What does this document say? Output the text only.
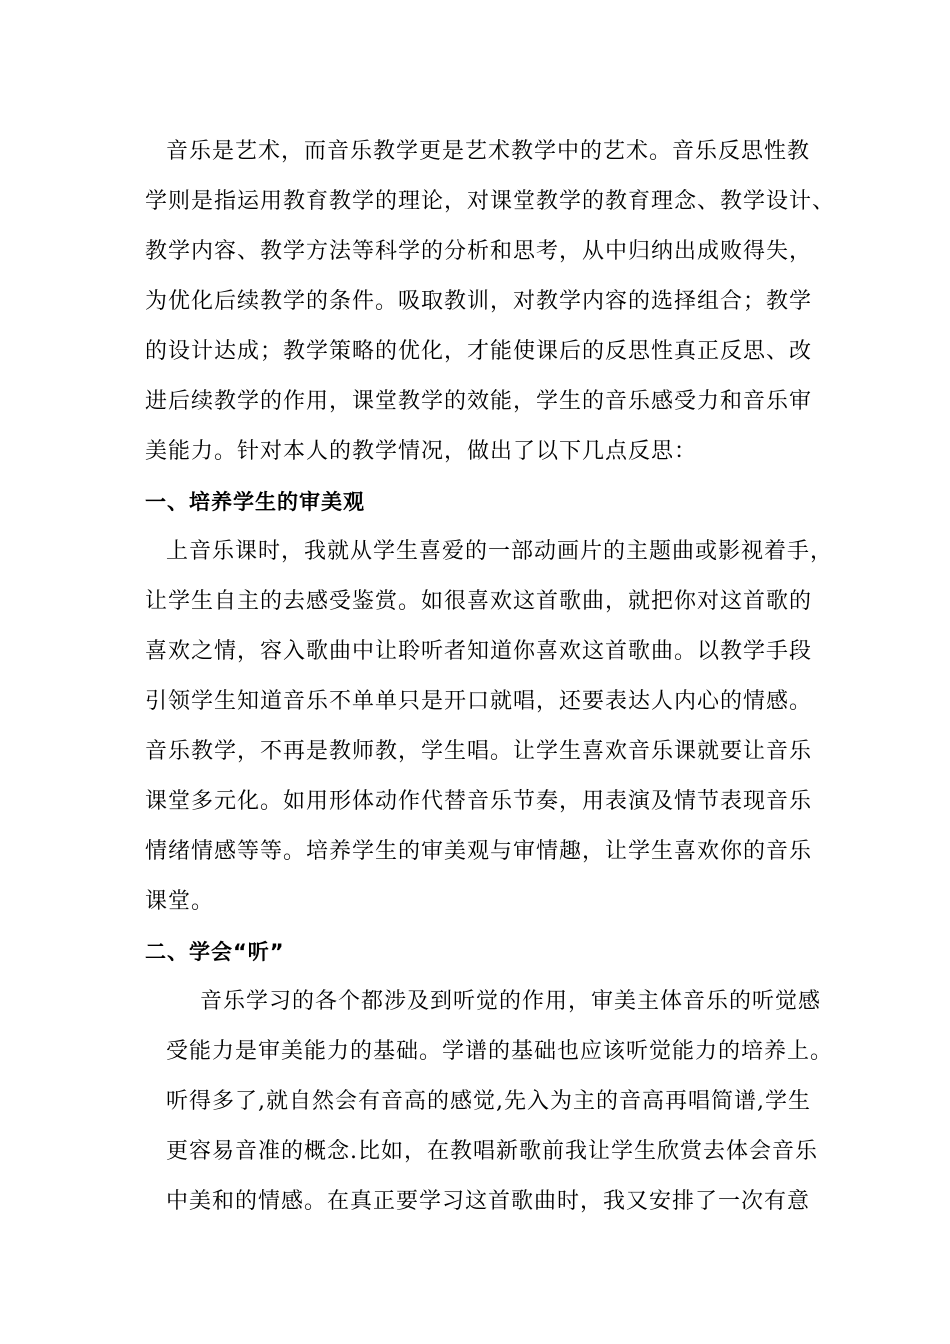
音乐是艺术，而音乐教学更是艺术教学中的艺术。音乐反思性教
学则是指运用教育教学的理论，对课堂教学的教育理念、教学设计、
教学内容、教学方法等科学的分析和思考，从中归纳出成败得失，
为优化后续教学的条件。吸取教训，对教学内容的选择组合；教学
的设计达成；教学策略的优化，才能使课后的反思性真正反思、改
进后续教学的作用，课堂教学的效能，学生的音乐感受力和音乐审
美能力。针对本人的教学情况，做出了以下几点反思：
一、培养学生的审美观
上音乐课时，我就从学生喜爱的一部动画片的主题曲或影视着手，
让学生自主的去感受鉴赏。如很喜欢这首歌曲，就把你对这首歌的
喜欢之情，容入歌曲中让聆听者知道你喜欢这首歌曲。以教学手段
引领学生知道音乐不单单只是开口就唱，还要表达人内心的情感。
音乐教学，不再是教师教，学生唱。让学生喜欢音乐课就要让音乐
课堂多元化。如用形体动作代替音乐节奏，用表演及情节表现音乐
情绪情感等等。培养学生的审美观与审情趣，让学生喜欢你的音乐
课堂。
二、学会“听”
音乐学习的各个都涉及到听觉的作用，审美主体音乐的听觉感
受能力是审美能力的基础。学谱的基础也应该听觉能力的培养上。
听得多了,就自然会有音高的感觉,先入为主的音高再唱简谱,学生
更容易音准的概念.比如，在教唱新歌前我让学生欣赏去体会音乐
中美和的情感。在真正要学习这首歌曲时，我又安排了一次有意
